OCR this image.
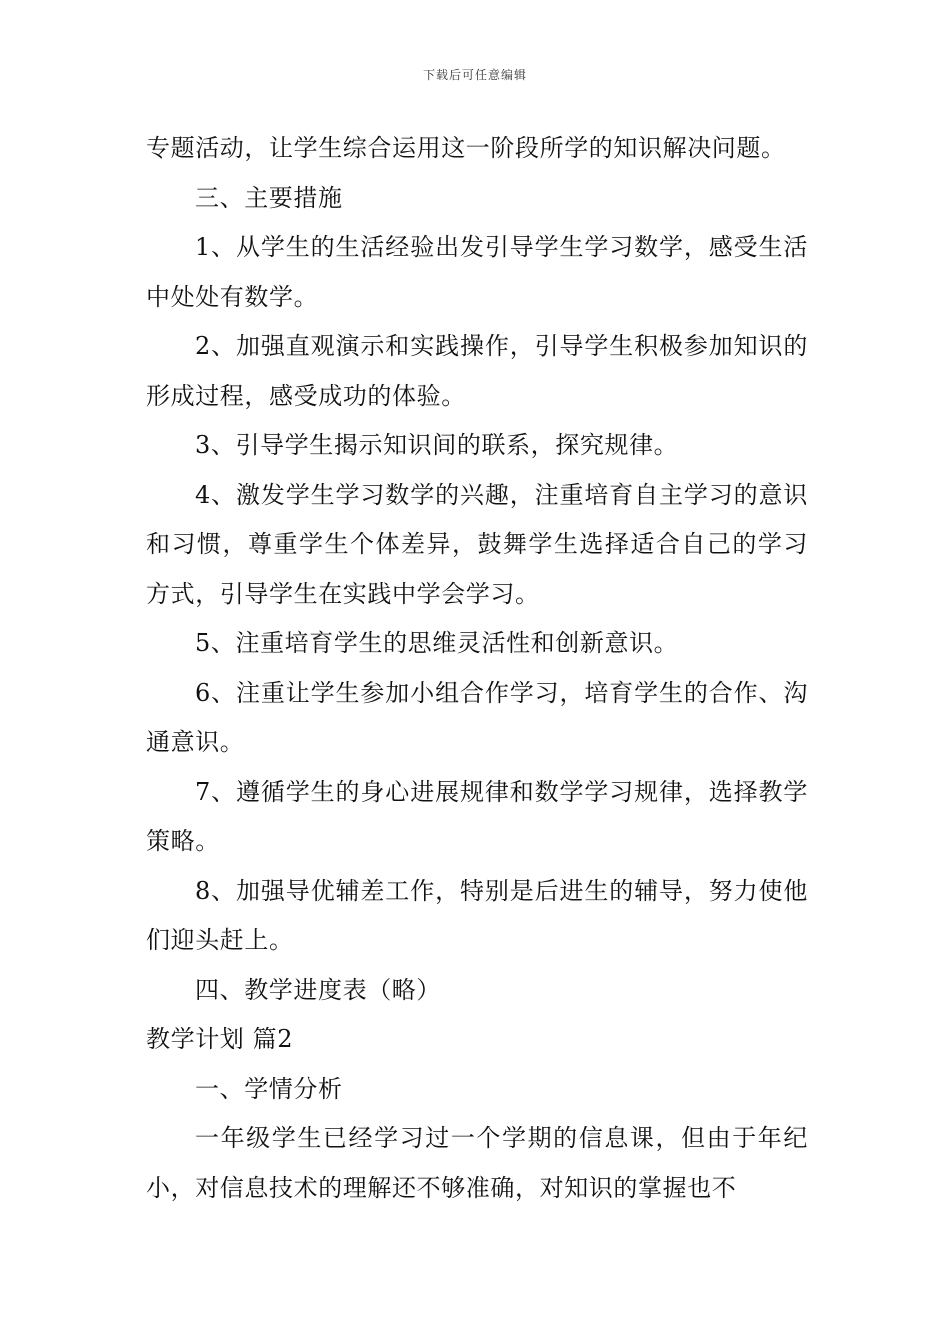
下载后可任意编辑

专题活动，让学生综合运用这一阶段所学的知识解决问题。

三、主要措施

1、从学生的生活经验出发引导学生学习数学，感受生活中处处有数学。

2、加强直观演示和实践操作，引导学生积极参加知识的形成过程，感受成功的体验。

3、引导学生揭示知识间的联系，探究规律。

4、激发学生学习数学的兴趣，注重培育自主学习的意识和习惯，尊重学生个体差异，鼓舞学生选择适合自己的学习方式，引导学生在实践中学会学习。

5、注重培育学生的思维灵活性和创新意识。

6、注重让学生参加小组合作学习，培育学生的合作、沟通意识。

7、遵循学生的身心进展规律和数学学习规律，选择教学策略。

8、加强导优辅差工作，特别是后进生的辅导，努力使他们迎头赶上。

四、教学进度表（略）

教学计划 篇2

一、学情分析

一年级学生已经学习过一个学期的信息课，但由于年纪小，对信息技术的理解还不够准确，对知识的掌握也不
